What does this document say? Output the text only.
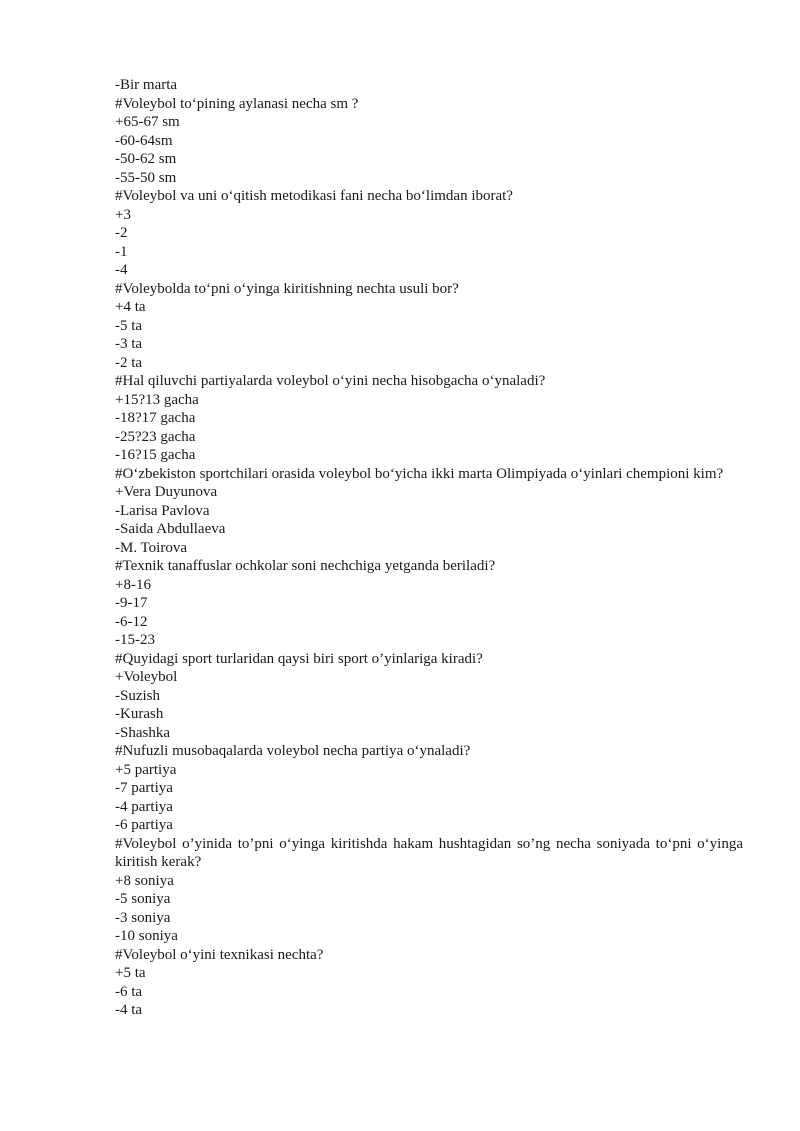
-Bir marta
#Voleybol to‘pining aylanasi necha sm ?
+65-67 sm
-60-64sm
-50-62 sm
-55-50 sm
#Voleybol va uni o‘qitish metodikasi fani necha bo‘limdan iborat?
+3
-2
-1
-4
#Voleybolda to‘pni o‘yinga kiritishning nechta usuli bor?
+4 ta
-5 ta
-3 ta
-2 ta
#Hal qiluvchi partiyalarda voleybol o‘yini necha hisobgacha o‘ynaladi?
+15?13 gacha
-18?17 gacha
-25?23 gacha
-16?15 gacha
#O‘zbekiston sportchilari orasida voleybol bo‘yicha ikki marta Olimpiyada o‘yinlari chempioni kim?
+Vera Duyunova
-Larisa Pavlova
-Saida Abdullaeva
-M. Toirova
#Texnik tanaffuslar ochkolar soni nechchiga yetganda beriladi?
+8-16
-9-17
-6-12
-15-23
#Quyidagi sport turlaridan qaysi biri sport o’yinlariga kiradi?
+Voleybol
-Suzish
-Kurash
-Shashka
#Nufuzli musobaqalarda voleybol necha partiya o‘ynaladi?
+5 partiya
-7 partiya
-4 partiya
-6 partiya
#Voleybol o’yinida to’pni o‘yinga kiritishda hakam hushtagidan so’ng necha soniyada to‘pni o‘yinga kiritish kerak?
+8 soniya
-5 soniya
-3 soniya
-10 soniya
#Voleybol o‘yini texnikasi nechta?
+5 ta
-6 ta
-4 ta
